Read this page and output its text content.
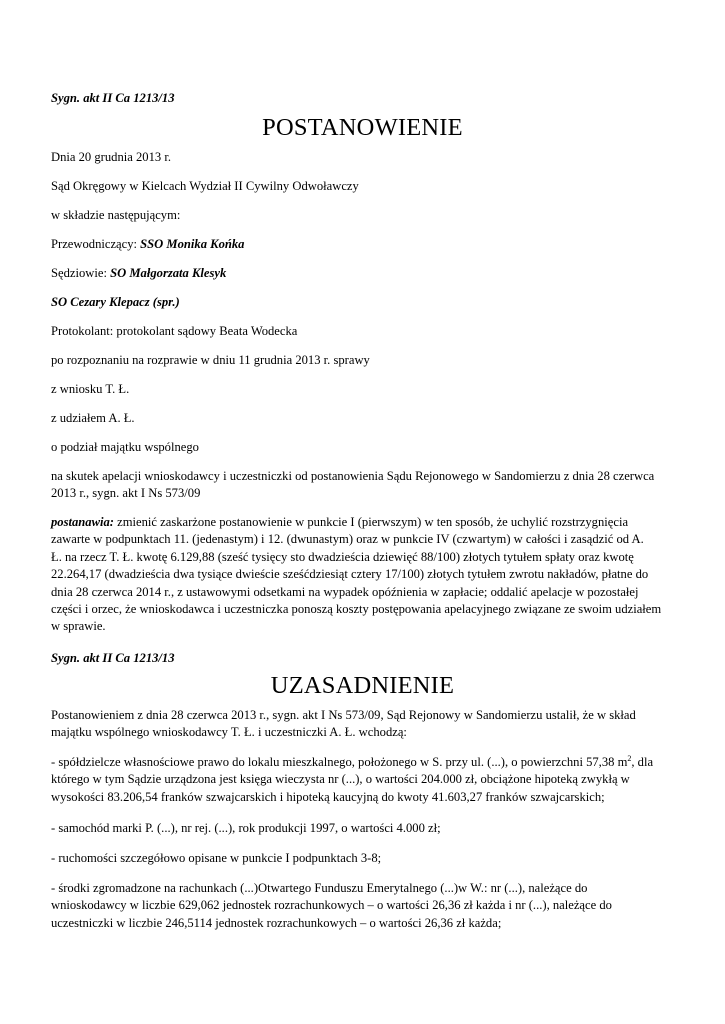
Sygn. akt II Ca 1213/13

POSTANOWIENIE

Dnia 20 grudnia 2013 r.

Sąd Okręgowy w Kielcach Wydział II Cywilny Odwoławczy

w składzie następującym:

Przewodniczący: SSO Monika Końka

Sędziowie: SO Małgorzata Klesyk

SO Cezary Klepacz (spr.)

Protokolant: protokolant sądowy Beata Wodecka

po rozpoznaniu na rozprawie w dniu 11 grudnia 2013 r. sprawy

z wniosku T. Ł.

z udziałem A. Ł.

o podział majątku wspólnego

na skutek apelacji wnioskodawcy i uczestniczki od postanowienia Sądu Rejonowego w Sandomierzu z dnia 28 czerwca
2013 r., sygn. akt I Ns 573/09
postanawia: zmienić zaskarżone postanowienie w punkcie I (pierwszym) w ten sposób, że uchylić rozstrzygnięcia
zawarte w podpunktach 11. (jedenastym) i 12. (dwunastym) oraz w punkcie IV (czwartym) w całości i zasądzić od A.
Ł. na rzecz T. Ł. kwotę 6.129,88 (sześć tysięcy sto dwadzieścia dziewięć 88/100) złotych tytułem spłaty oraz kwotę
22.264,17 (dwadzieścia dwa tysiące dwieście sześćdziesiąt cztery 17/100) złotych tytułem zwrotu nakładów, płatne do
dnia 28 czerwca 2014 r., z ustawowymi odsetkami na wypadek opóźnienia w zapłacie; oddalić apelacje w pozostałej
części i orzec, że wnioskodawca i uczestniczka ponoszą koszty postępowania apelacyjnego związane ze swoim udziałem
w sprawie.

Sygn. akt II Ca 1213/13

UZASADNIENIE
Postanowieniem z dnia 28 czerwca 2013 r., sygn. akt I Ns 573/09, Sąd Rejonowy w Sandomierzu ustalił, że w skład
majątku wspólnego wnioskodawcy T. Ł. i uczestniczki A. Ł. wchodzą:
- spółdzielcze własnościowe prawo do lokalu mieszkalnego, położonego w S. przy ul. (...), o powierzchni 57,38 $m^2$, dla
którego w tym Sądzie urządzona jest księga wieczysta nr (...), o wartości 204.000 zł, obciążone hipoteką zwykłą w
wysokości 83.206,54 franków szwajcarskich i hipoteką kaucyjną do kwoty 41.603,27 franków szwajcarskich;

- samochód marki P. (...), nr rej. (...), rok produkcji 1997, o wartości 4.000 zł;

- ruchomości szczegółowo opisane w punkcie I podpunktach 3-8;

- środki zgromadzone na rachunkach (...)Otwartego Funduszu Emerytalnego (...)w W.: nr (...), należące do
wnioskodawcy w liczbie 629,062 jednostek rozrachunkowych – o wartości 26,36 zł każda i nr (...), należące do
uczestniczki w liczbie 246,5114 jednostek rozrachunkowych – o wartości 26,36 zł każda;
